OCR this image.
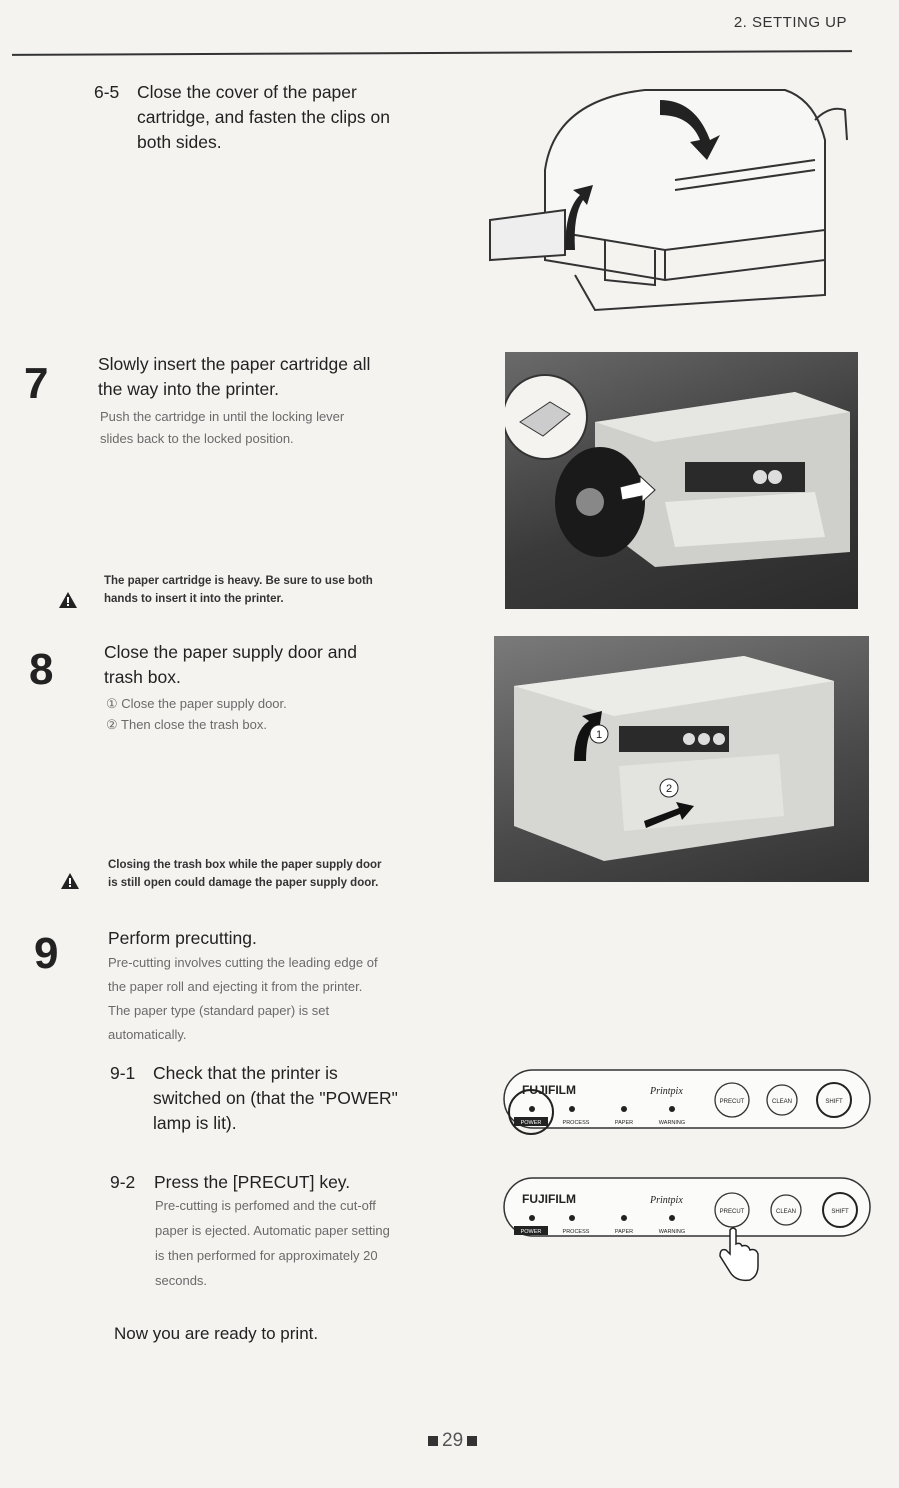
2. SETTING UP
6-5 Close the cover of the paper
cartridge, and fasten the clips on
both sides.
7	Slowly insert the paper cartridge all
the way into the printer.
Push the cartridge in until the locking lever
slides back to the locked position.
The paper cartridge is heavy. Be sure to use both
hands to insert it into the printer.
8	Close the paper supply door and
trash box.
① Close the paper supply door.
② Then close the trash box.
1
2
Closing the trash box while the paper supply door
is still open could damage the paper supply door.
9	Perform precutting.
Pre-cutting involves cutting the leading edge of
the paper roll and ejecting it from the printer.
The paper type (standard paper) is set
automatically.
9-1 Check that the printer is
switched on (that the "POWER"
lamp is lit).
FUJIFILM	Printpix
POWER	PROCESS	PAPER	WARNING
PRECUT	CLEAN	SHIFT
9-2 Press the [PRECUT] key.
Pre-cutting is perfomed and the cut-off
paper is ejected. Automatic paper setting
is then performed for approximately 20
seconds.
FUJIFILM	Printpix
POWER	PROCESS	PAPER	WARNING
PRECUT	CLEAN	SHIFT
Now you are ready to print.
29
